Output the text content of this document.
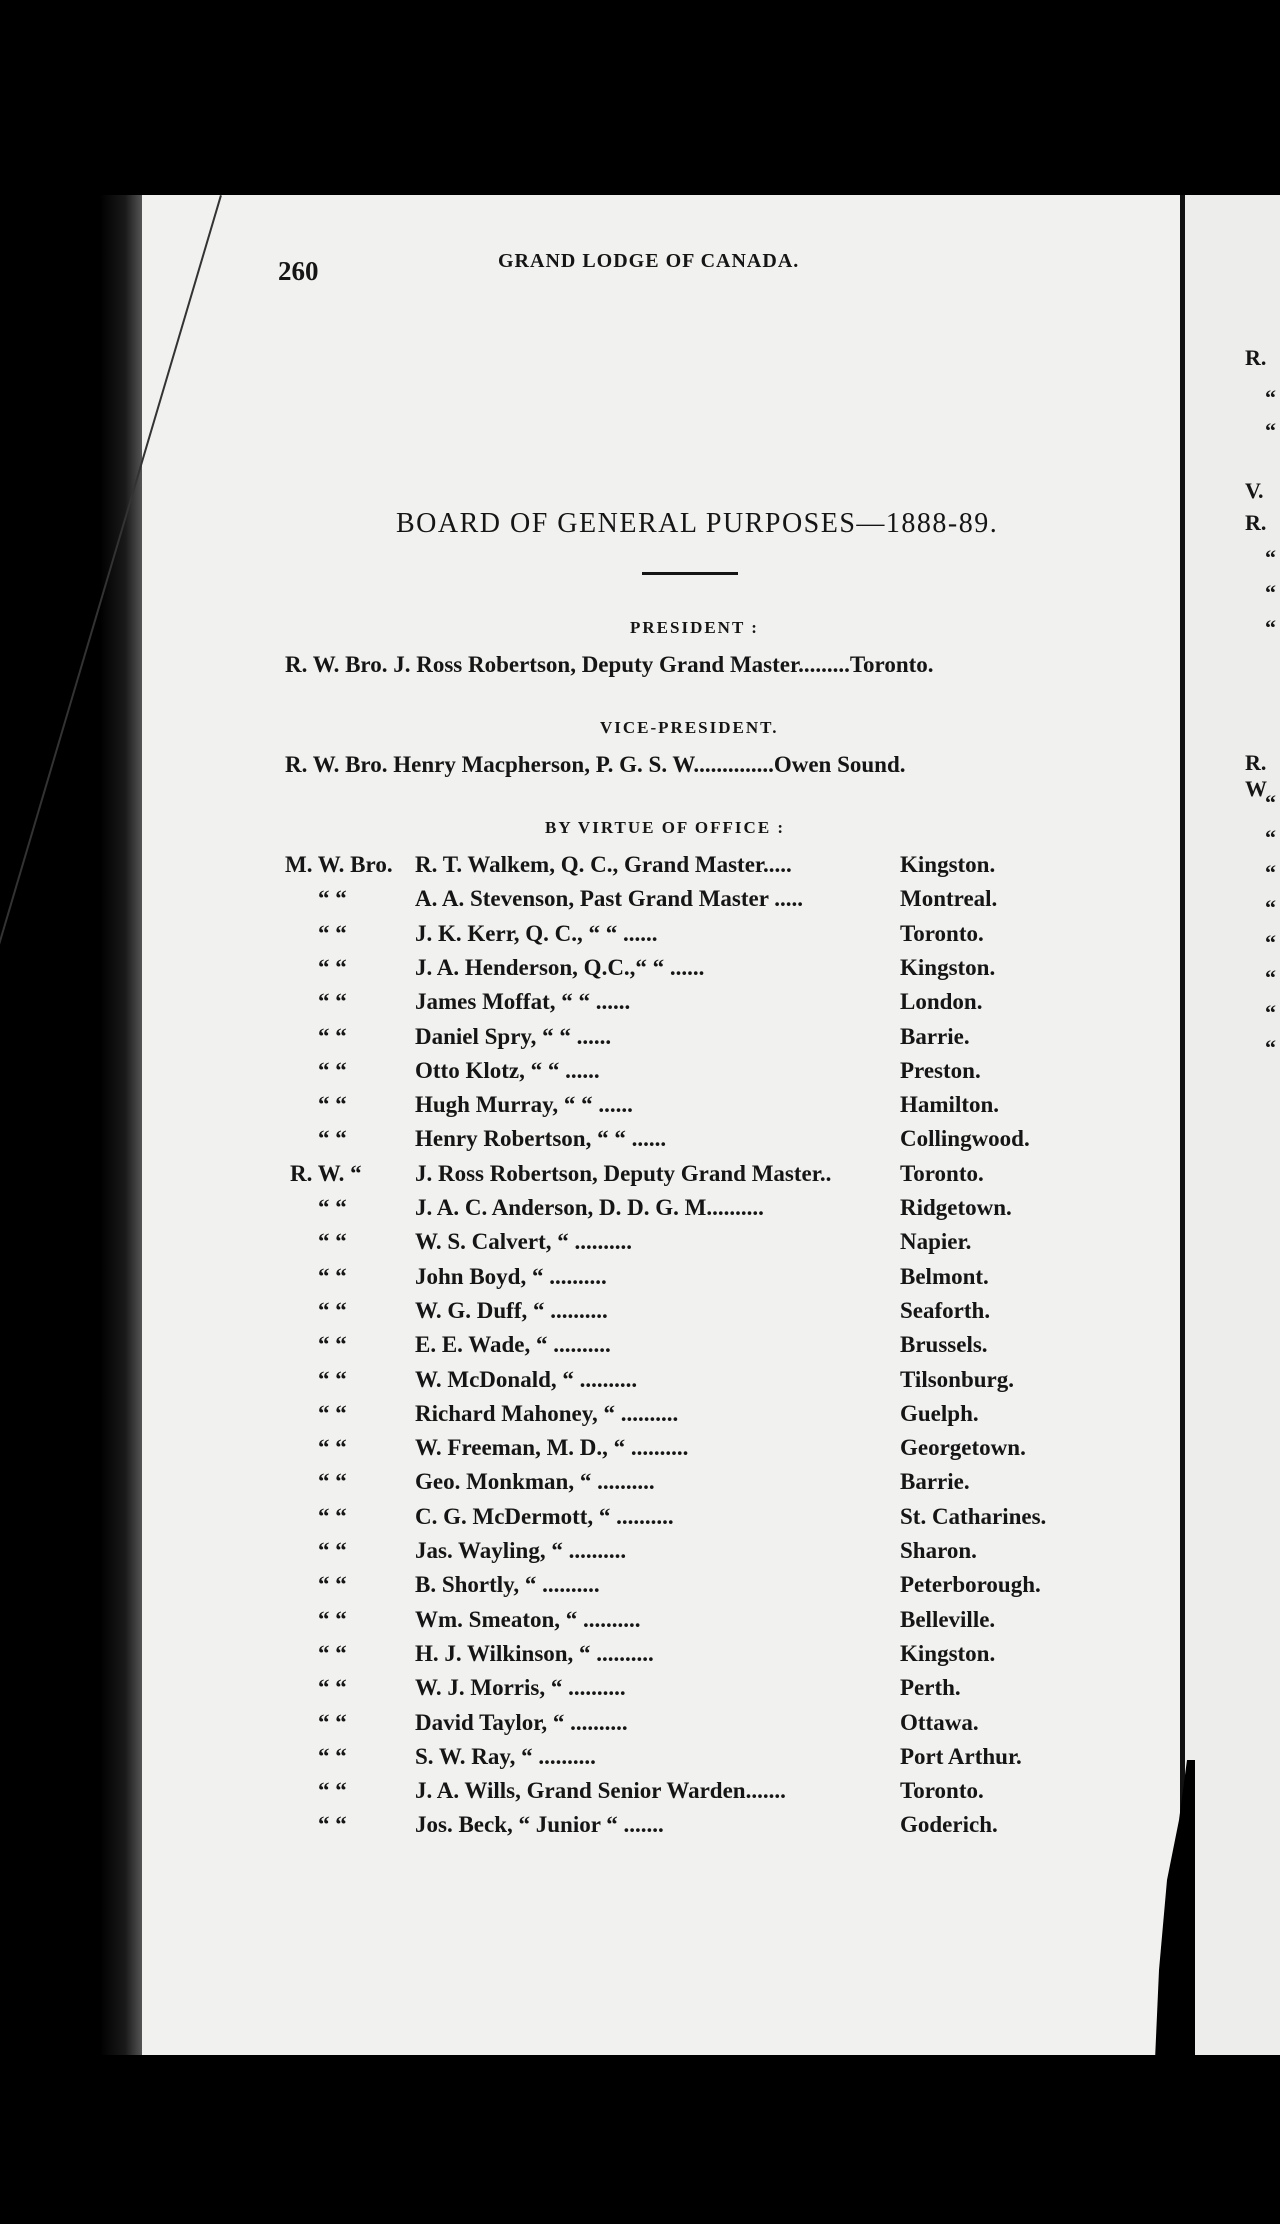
260	GRAND LODGE OF CANADA.
BOARD OF GENERAL PURPOSES—1888-89.
PRESIDENT :
R. W. Bro. J. Ross Robertson, Deputy Grand Master.........Toronto.
VICE-PRESIDENT.
R. W. Bro. Henry Macpherson, P. G. S. W..............Owen Sound.
BY VIRTUE OF OFFICE :
M. W. Bro. R. T. Walkem, Q. C., Grand Master.....	Kingston.
“ “	A. A. Stevenson, Past Grand Master .....	Montreal.
“ “	J. K. Kerr, Q. C., “ “ ......	Toronto.
“ “	J. A. Henderson, Q.C.,“ “ ......	Kingston.
“ “	James Moffat, “ “ ......	London.
“ “	Daniel Spry, “ “ ......	Barrie.
“ “	Otto Klotz, “ “ ......	Preston.
“ “	Hugh Murray, “ “ ......	Hamilton.
“ “	Henry Robertson, “ “ ......	Collingwood.
R. W. “ J. Ross Robertson, Deputy Grand Master..	Toronto.
“ “	J. A. C. Anderson, D. D. G. M..........	Ridgetown.
“ “	W. S. Calvert, “ ..........	Napier.
“ “	John Boyd, “ ..........	Belmont.
“ “	W. G. Duff, “ ..........	Seaforth.
“ “	E. E. Wade, “ ..........	Brussels.
“ “	W. McDonald, “ ..........	Tilsonburg.
“ “	Richard Mahoney, “ ..........	Guelph.
“ “	W. Freeman, M. D., “ ..........	Georgetown.
“ “	Geo. Monkman, “ ..........	Barrie.
“ “	C. G. McDermott, “ ..........	St. Catharines.
“ “	Jas. Wayling, “ ..........	Sharon.
“ “	B. Shortly, “ ..........	Peterborough.
“ “	Wm. Smeaton, “ ..........	Belleville.
“ “	H. J. Wilkinson, “ ..........	Kingston.
“ “	W. J. Morris, “ ..........	Perth.
“ “	David Taylor, “ ..........	Ottawa.
“ “	S. W. Ray, “ ..........	Port Arthur.
“ “	J. A. Wills, Grand Senior Warden.......	Toronto.
“ “	Jos. Beck, “ Junior “ .......	Goderich.
R.
“
“
V.
R.
“
“
“
R. W
“
“
“
“
“
“
“
“
